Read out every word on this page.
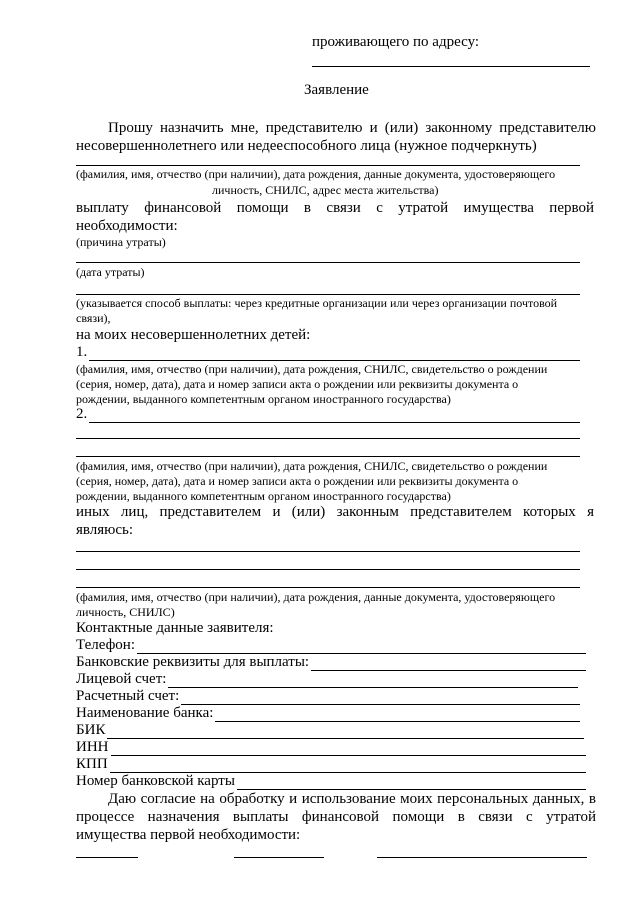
проживающего по адресу:
Заявление
Прошу назначить мне, представителю и (или) законному представителю
несовершеннолетнего или недееспособного лица (нужное подчеркнуть)
(фамилия, имя, отчество (при наличии), дата рождения, данные документа, удостоверяющего
личность, СНИЛС, адрес места жительства)
выплату финансовой помощи в связи с утратой имущества первой
необходимости:
(причина утраты)
(дата утраты)
(указывается способ выплаты: через кредитные организации или через организации почтовой
связи),
на моих несовершеннолетних детей:
1.
(фамилия, имя, отчество (при наличии), дата рождения, СНИЛС, свидетельство о рождении
(серия, номер, дата), дата и номер записи акта о рождении или реквизиты документа о
рождении, выданного компетентным органом иностранного государства)
2.
(фамилия, имя, отчество (при наличии), дата рождения, СНИЛС, свидетельство о рождении
(серия, номер, дата), дата и номер записи акта о рождении или реквизиты документа о
рождении, выданного компетентным органом иностранного государства)
иных лиц, представителем и (или) законным представителем которых я
являюсь:
(фамилия, имя, отчество (при наличии), дата рождения, данные документа, удостоверяющего
личность, СНИЛС)
Контактные данные заявителя:
Телефон:
Банковские реквизиты для выплаты:
Лицевой счет:
Расчетный счет:
Наименование банка:
БИК
ИНН
КПП
Номер банковской карты
Даю согласие на обработку и использование моих персональных данных, в
процессе назначения выплаты финансовой помощи в связи с утратой
имущества первой необходимости:
